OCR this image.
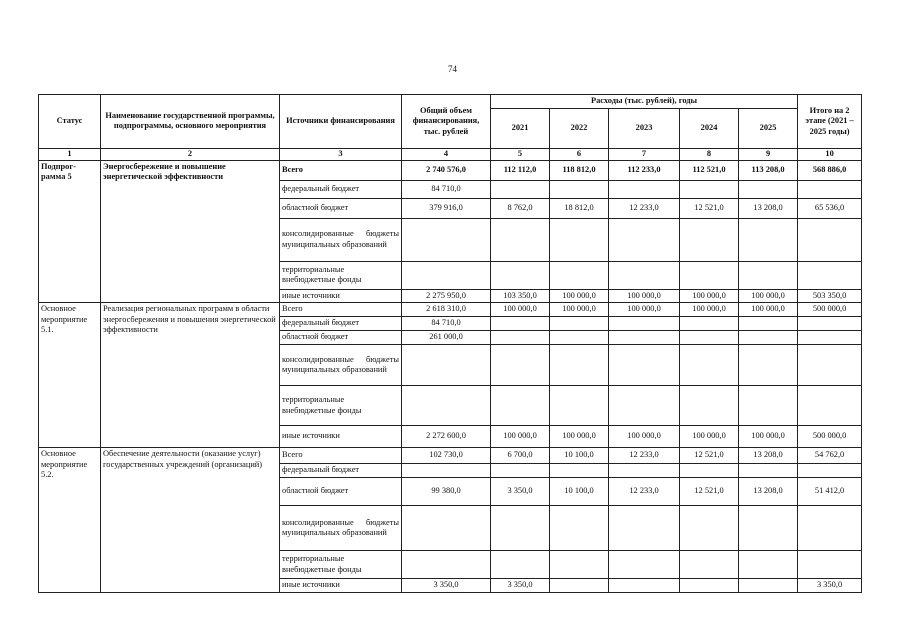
74
Статус	Наименование государственной программы, подпрограммы, основного мероприятия	Источники финансирования	Общий объем финансирования, тыс. рублей	Расходы (тыс. рублей), годы					Итого на 2 этапе (2021 – 2025 годы)
				2021	2022	2023	2024	2025	
1	2	3	4	5	6	7	8	9	10
Подпрог-рамма 5	Энергосбережение и повышение энергетической эффективности	Всего	2 740 576,0	112 112,0	118 812,0	112 233,0	112 521,0	113 208,0	568 886,0
		федеральный бюджет	84 710,0						
		областной бюджет	379 916,0	8 762,0	18 812,0	12 233,0	12 521,0	13 208,0	65 536,0
		консолидированные бюджеты муниципальных образований							
		территориальные внебюджетные фонды							
		иные источники	2 275 950,0	103 350,0	100 000,0	100 000,0	100 000,0	100 000,0	503 350,0
Основное мероприятие 5.1.	Реализация региональных программ в области энергосбережения и повышения энергетической эффективности	Всего	2 618 310,0	100 000,0	100 000,0	100 000,0	100 000,0	100 000,0	500 000,0
		федеральный бюджет	84 710,0						
		областной бюджет	261 000,0						
		консолидированные бюджеты муниципальных образований							
		территориальные внебюджетные фонды							
		иные источники	2 272 600,0	100 000,0	100 000,0	100 000,0	100 000,0	100 000,0	500 000,0
Основное мероприятие 5.2.	Обеспечение деятельности (оказание услуг) государственных учреждений (организаций)	Всего	102 730,0	6 700,0	10 100,0	12 233,0	12 521,0	13 208,0	54 762,0
		федеральный бюджет							
		областной бюджет	99 380,0	3 350,0	10 100,0	12 233,0	12 521,0	13 208,0	51 412,0
		консолидированные бюджеты муниципальных образований							
		территориальные внебюджетные фонды							
		иные источники	3 350,0	3 350,0					3 350,0
